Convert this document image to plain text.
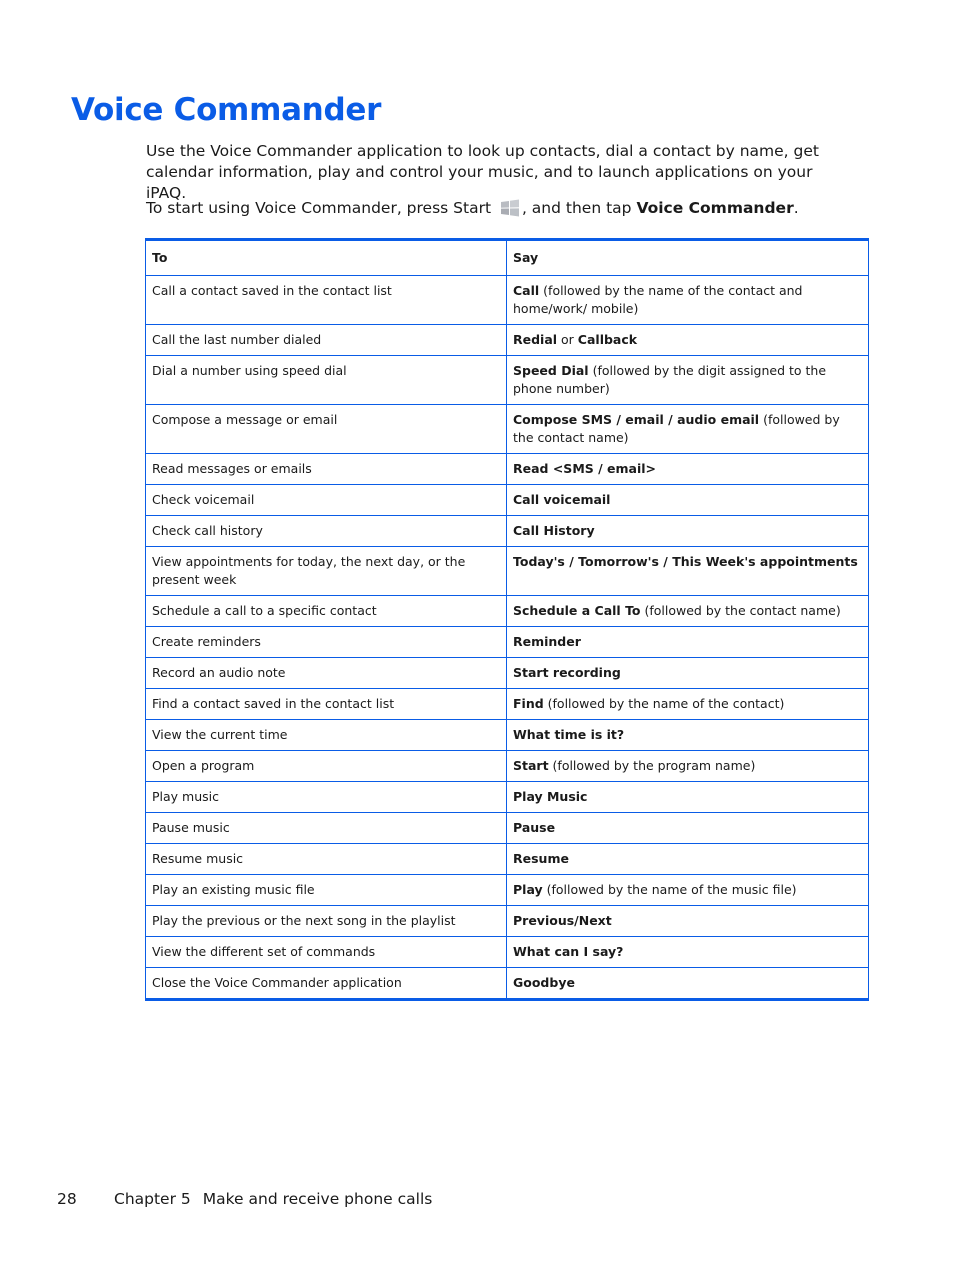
Voice Commander

Use the Voice Commander application to look up contacts, dial a contact by name, get calendar information, play and control your music, and to launch applications on your iPAQ.

To start using Voice Commander, press Start , and then tap Voice Commander.

To	Say
Call a contact saved in the contact list	Call (followed by the name of the contact and home/work/ mobile)
Call the last number dialed	Redial or Callback
Dial a number using speed dial	Speed Dial (followed by the digit assigned to the phone number)
Compose a message or email	Compose SMS / email / audio email (followed by the contact name)
Read messages or emails	Read <SMS / email>
Check voicemail	Call voicemail
Check call history	Call History
View appointments for today, the next day, or the present week	Today's / Tomorrow's / This Week's appointments
Schedule a call to a specific contact	Schedule a Call To (followed by the contact name)
Create reminders	Reminder
Record an audio note	Start recording
Find a contact saved in the contact list	Find (followed by the name of the contact)
View the current time	What time is it?
Open a program	Start (followed by the program name)
Play music	Play Music
Pause music	Pause
Resume music	Resume
Play an existing music file	Play (followed by the name of the music file)
Play the previous or the next song in the playlist	Previous/Next
View the different set of commands	What can I say?
Close the Voice Commander application	Goodbye
28 Chapter 5 Make and receive phone calls
